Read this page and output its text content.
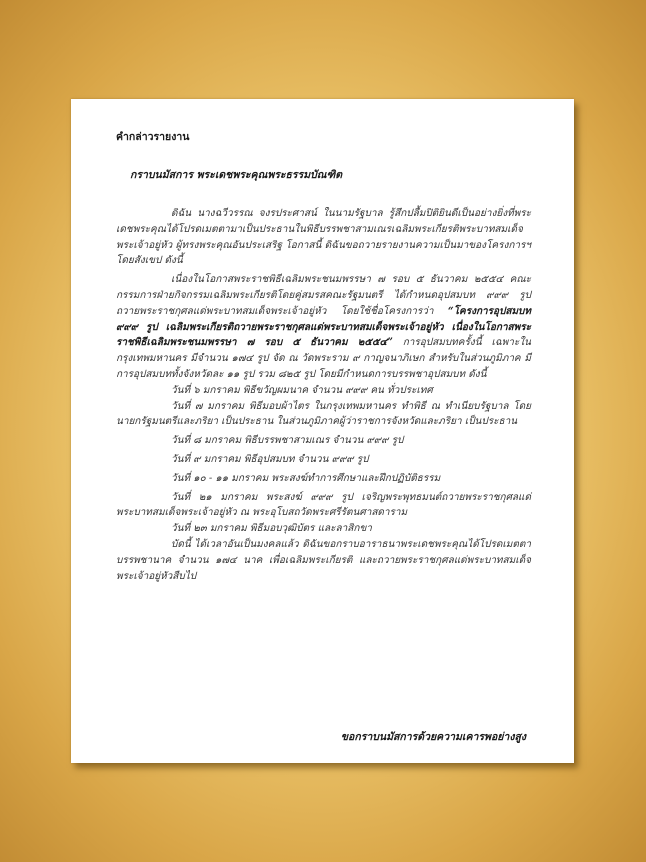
คำกล่าวรายงาน
กราบนมัสการ พระเดชพระคุณพระธรรมบัณฑิต

ดิฉัน นางฉวีวรรณ จงรประศาสน์ ในนามรัฐบาล รู้สึกปลื้มปิติยินดีเป็นอย่างยิ่งที่พระเดชพระคุณได้โปรดเมตตามาเป็นประธานในพิธีบรรพชาสามเณรเฉลิมพระเกียรติพระบาทสมเด็จพระเจ้าอยู่หัว ผู้ทรงพระคุณอันประเสริฐ โอกาสนี้ ดิฉันขอถวายรายงานความเป็นมาของโครงการฯ โดยสังเขป ดังนี้

เนื่องในโอกาสพระราชพิธีเฉลิมพระชนมพรรษา ๗ รอบ ๕ ธันวาคม ๒๕๕๔ คณะกรรมการฝ่ายกิจกรรมเฉลิมพระเกียรติโดยคู่สมรสคณะรัฐมนตรี ได้กำหนดอุปสมบท ๙๙๙ รูป ถวายพระราชกุศลแด่พระบาทสมเด็จพระเจ้าอยู่หัว โดยใช้ชื่อโครงการว่า “โครงการอุปสมบท ๙๙๙ รูป เฉลิมพระเกียรติถวายพระราชกุศลแด่พระบาทสมเด็จพระเจ้าอยู่หัว เนื่องในโอกาสพระราชพิธีเฉลิมพระชนมพรรษา ๗ รอบ ๕ ธันวาคม ๒๕๕๔” การอุปสมบทครั้งนี้ เฉพาะในกรุงเทพมหานคร มีจำนวน ๑๗๔ รูป จัด ณ วัดพระราม ๙ กาญจนาภิเษก สำหรับในส่วนภูมิภาค มีการอุปสมบททั้งจังหวัดละ ๑๑ รูป รวม ๘๒๕ รูป โดยมีกำหนดการบรรพชาอุปสมบท ดังนี้

วันที่ ๖ มกราคม พิธีขวัญผมนาค จำนวน ๙๙๙ คน ทั่วประเทศ

วันที่ ๗ มกราคม พิธีมอบผ้าไตร ในกรุงเทพมหานคร ทำพิธี ณ ทำเนียบรัฐบาล โดยนายกรัฐมนตรีและภริยา เป็นประธาน ในส่วนภูมิภาคผู้ว่าราชการจังหวัดและภริยา เป็นประธาน

วันที่ ๘ มกราคม พิธีบรรพชาสามเณร จำนวน ๙๙๙ รูป

วันที่ ๙ มกราคม พิธีอุปสมบท จำนวน ๙๙๙ รูป

วันที่ ๑๐ - ๑๑ มกราคม พระสงฆ์ทำการศึกษาและฝึกปฏิบัติธรรม

วันที่ ๒๑ มกราคม พระสงฆ์ ๙๙๙ รูป เจริญพระพุทธมนต์ถวายพระราชกุศลแด่พระบาทสมเด็จพระเจ้าอยู่หัว ณ พระอุโบสถวัดพระศรีรัตนศาสดาราม

วันที่ ๒๓ มกราคม พิธีมอบวุฒิบัตร และลาสิกขา

บัดนี้ ได้เวลาอันเป็นมงคลแล้ว ดิฉันขอกราบอาราธนาพระเดชพระคุณได้โปรดเมตตาบรรพชานาค จำนวน ๑๗๔ นาค เพื่อเฉลิมพระเกียรติ และถวายพระราชกุศลแด่พระบาทสมเด็จพระเจ้าอยู่หัวสืบไป

ขอกราบนมัสการด้วยความเคารพอย่างสูง
